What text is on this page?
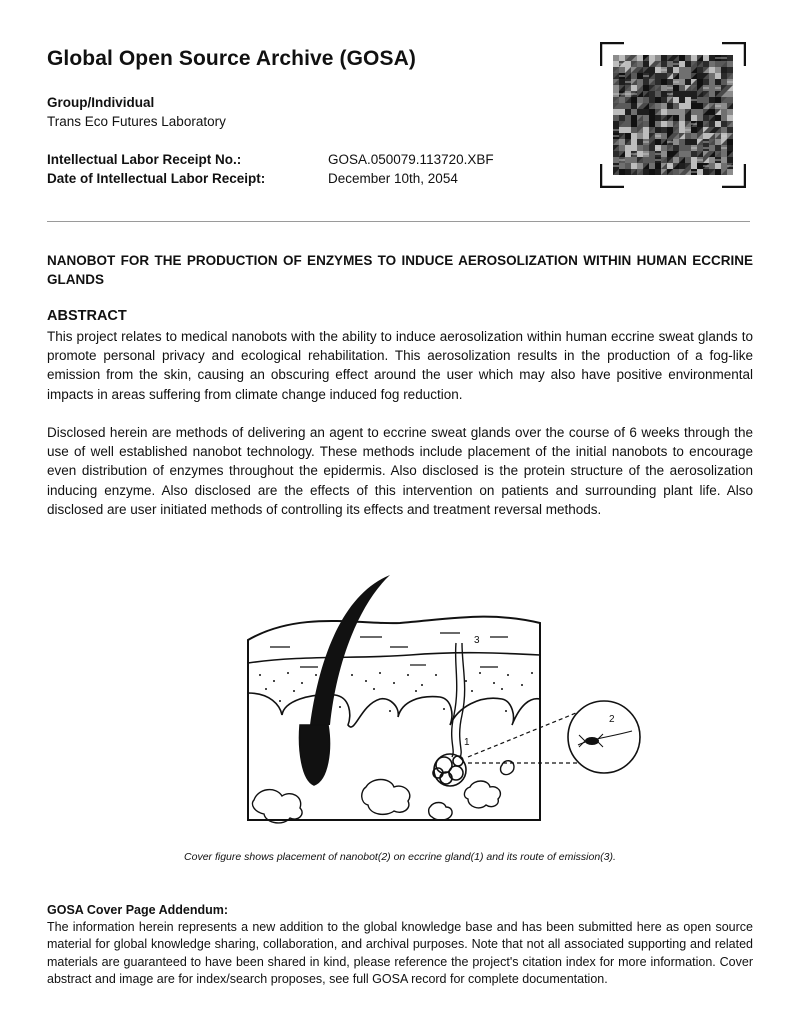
Global Open Source Archive (GOSA)
Group/Individual
Trans Eco Futures Laboratory
Intellectual Labor Receipt No.:	GOSA.050079.113720.XBF
Date of Intellectual Labor Receipt:	December 10th, 2054
NANOBOT FOR THE PRODUCTION OF ENZYMES TO INDUCE AEROSOLIZATION WITHIN HUMAN ECCRINE GLANDS
ABSTRACT
This project relates to medical nanobots with the ability to induce aerosolization within human eccrine sweat glands to promote personal privacy and ecological rehabilitation. This aerosolization results in the production of a fog-like emission from the skin, causing an obscuring effect around the user which may also have positive environmental impacts in areas suffering from climate change induced fog reduction.
Disclosed herein are methods of delivering an agent to eccrine sweat glands over the course of 6 weeks through the use of well established nanobot technology. These methods include placement of the initial nanobots to encourage even distribution of enzymes throughout the epidermis. Also disclosed is the protein structure of the aerosolization inducing enzyme. Also disclosed are the effects of this intervention on patients and surrounding plant life. Also disclosed are user initiated methods of controlling its effects and treatment reversal methods.
1
2
3
Cover figure shows placement of nanobot(2) on eccrine gland(1) and its route of emission(3).
GOSA Cover Page Addendum:
The information herein represents a new addition to the global knowledge base and has been submitted here as open source material for global knowledge sharing, collaboration, and archival purposes. Note that not all associated supporting and related materials are guaranteed to have been shared in kind, please reference the project's citation index for more information. Cover abstract and image are for index/search proposes, see full GOSA record for complete documentation.
